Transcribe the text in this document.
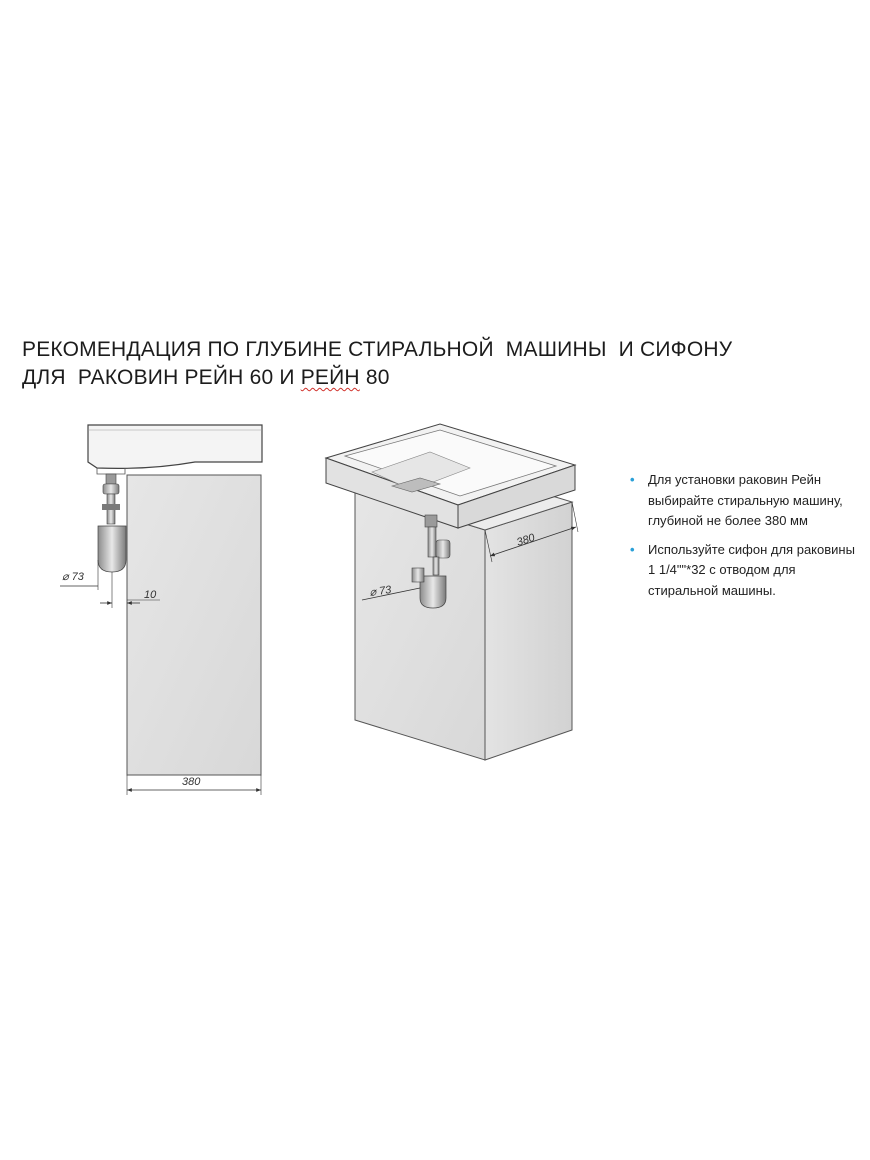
РЕКОМЕНДАЦИЯ ПО ГЛУБИНЕ СТИРАЛЬНОЙ  МАШИНЫ  И СИФОНУ
ДЛЯ  РАКОВИН РЕЙН 60 И РЕЙН 80
⌀ 73
10
380
⌀ 73
380
• Для установки раковин Рейн выбирайте стиральную машину, глубиной не более 380 мм
• Используйте сифон для раковины 1 1/4""*32 с отводом для стиральной машины.
